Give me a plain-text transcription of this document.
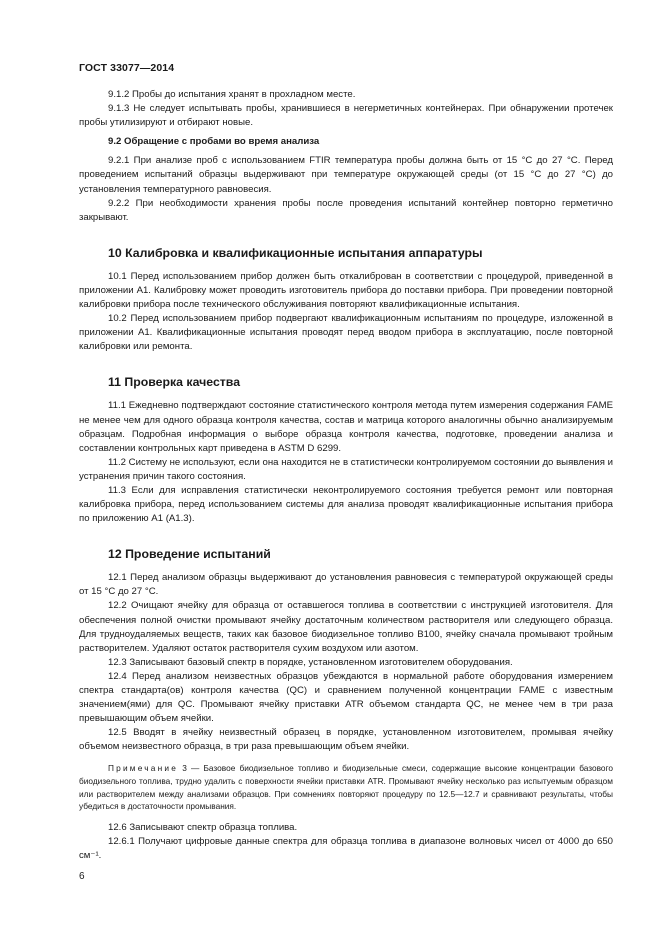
ГОСТ 33077—2014

9.1.2 Пробы до испытания хранят в прохладном месте.

9.1.3 Не следует испытывать пробы, хранившиеся в негерметичных контейнерах. При обнаружении протечек пробы утилизируют и отбирают новые.

9.2 Обращение с пробами во время анализа

9.2.1 При анализе проб с использованием FTIR температура пробы должна быть от 15 °С до 27 °С. Перед проведением испытаний образцы выдерживают при температуре окружающей среды (от 15 °С до 27 °С) до установления температурного равновесия.

9.2.2 При необходимости хранения пробы после проведения испытаний контейнер повторно герметично закрывают.

10 Калибровка и квалификационные испытания аппаратуры

10.1 Перед использованием прибор должен быть откалиброван в соответствии с процедурой, приведенной в приложении А1. Калибровку может проводить изготовитель прибора до поставки прибора. При проведении повторной калибровки прибора после технического обслуживания повторяют квалификационные испытания.

10.2 Перед использованием прибор подвергают квалификационным испытаниям по процедуре, изложенной в приложении А1. Квалификационные испытания проводят перед вводом прибора в эксплуатацию, после повторной калибровки или ремонта.

11 Проверка качества

11.1 Ежедневно подтверждают состояние статистического контроля метода путем измерения содержания FAME не менее чем для одного образца контроля качества, состав и матрица которого аналогичны обычно анализируемым образцам. Подробная информация о выборе образца контроля качества, подготовке, проведении анализа и составлении контрольных карт приведена в ASTM D 6299.

11.2 Систему не используют, если она находится не в статистически контролируемом состоянии до выявления и устранения причин такого состояния.

11.3 Если для исправления статистически неконтролируемого состояния требуется ремонт или повторная калибровка прибора, перед использованием системы для анализа проводят квалификационные испытания прибора по приложению А1 (А1.3).

12 Проведение испытаний

12.1 Перед анализом образцы выдерживают до установления равновесия с температурой окружающей среды от 15 °С до 27 °С.

12.2 Очищают ячейку для образца от оставшегося топлива в соответствии с инструкцией изготовителя. Для обеспечения полной очистки промывают ячейку достаточным количеством растворителя или следующего образца. Для трудноудаляемых веществ, таких как базовое биодизельное топливо В100, ячейку сначала промывают тройным растворителем. Удаляют остаток растворителя сухим воздухом или азотом.

12.3 Записывают базовый спектр в порядке, установленном изготовителем оборудования.

12.4 Перед анализом неизвестных образцов убеждаются в нормальной работе оборудования измерением спектра стандарта(ов) контроля качества (QC) и сравнением полученной концентрации FAME с известным значением(ями) для QC. Промывают ячейку приставки ATR объемом стандарта QC, не менее чем в три раза превышающим объем ячейки.

12.5 Вводят в ячейку неизвестный образец в порядке, установленном изготовителем, промывая ячейку объемом неизвестного образца, в три раза превышающим объем ячейки.

Примечание 3 — Базовое биодизельное топливо и биодизельные смеси, содержащие высокие концентрации базового биодизельного топлива, трудно удалить с поверхности ячейки приставки ATR. Промывают ячейку несколько раз испытуемым образцом или растворителем между анализами образцов. При сомнениях повторяют процедуру по 12.5—12.7 и сравнивают результаты, чтобы убедиться в достаточности промывания.

12.6 Записывают спектр образца топлива.

12.6.1 Получают цифровые данные спектра для образца топлива в диапазоне волновых чисел от 4000 до 650 см⁻¹.

6
